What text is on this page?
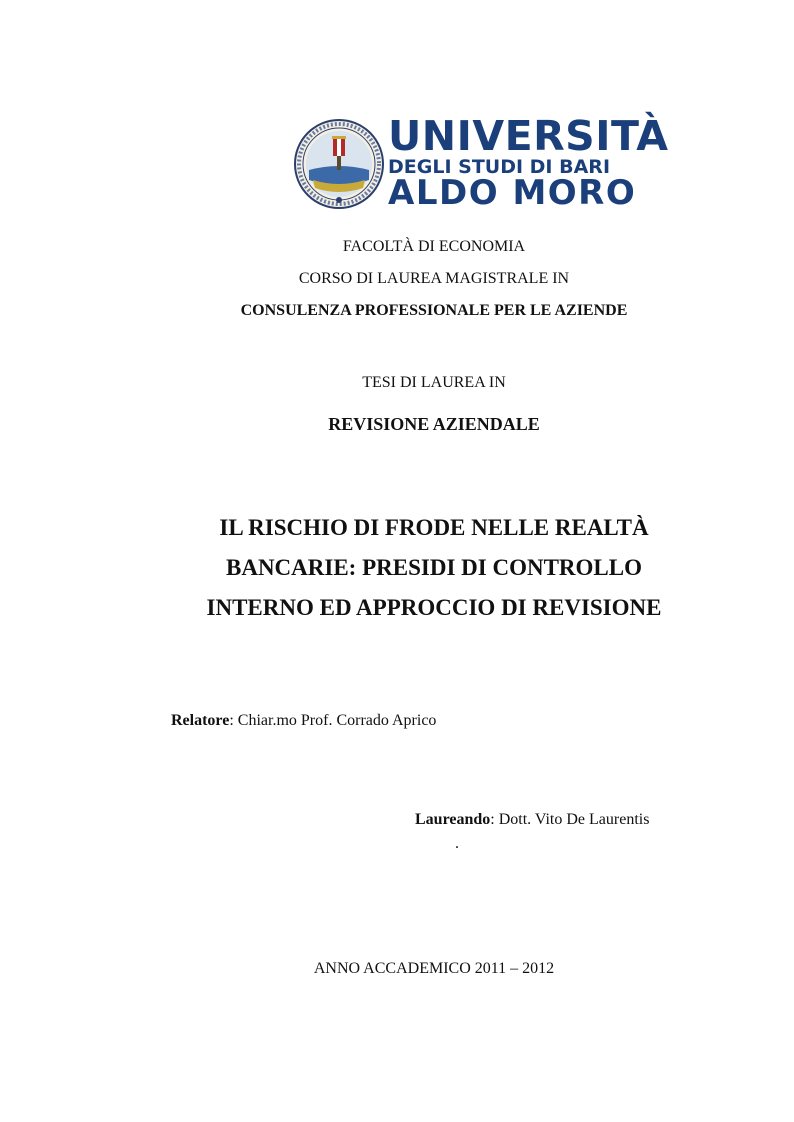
UNIVERSITÀ
DEGLI STUDI DI BARI
ALDO MORO
FACOLTÀ DI ECONOMIA
CORSO DI LAUREA MAGISTRALE IN
CONSULENZA PROFESSIONALE PER LE AZIENDE
TESI DI LAUREA IN
REVISIONE AZIENDALE
IL RISCHIO DI FRODE NELLE REALTÀ
BANCARIE: PRESIDI DI CONTROLLO
INTERNO ED APPROCCIO DI REVISIONE
Relatore: Chiar.mo Prof. Corrado Aprico
Laureando: Dott. Vito De Laurentis
.
ANNO ACCADEMICO 2011 – 2012
